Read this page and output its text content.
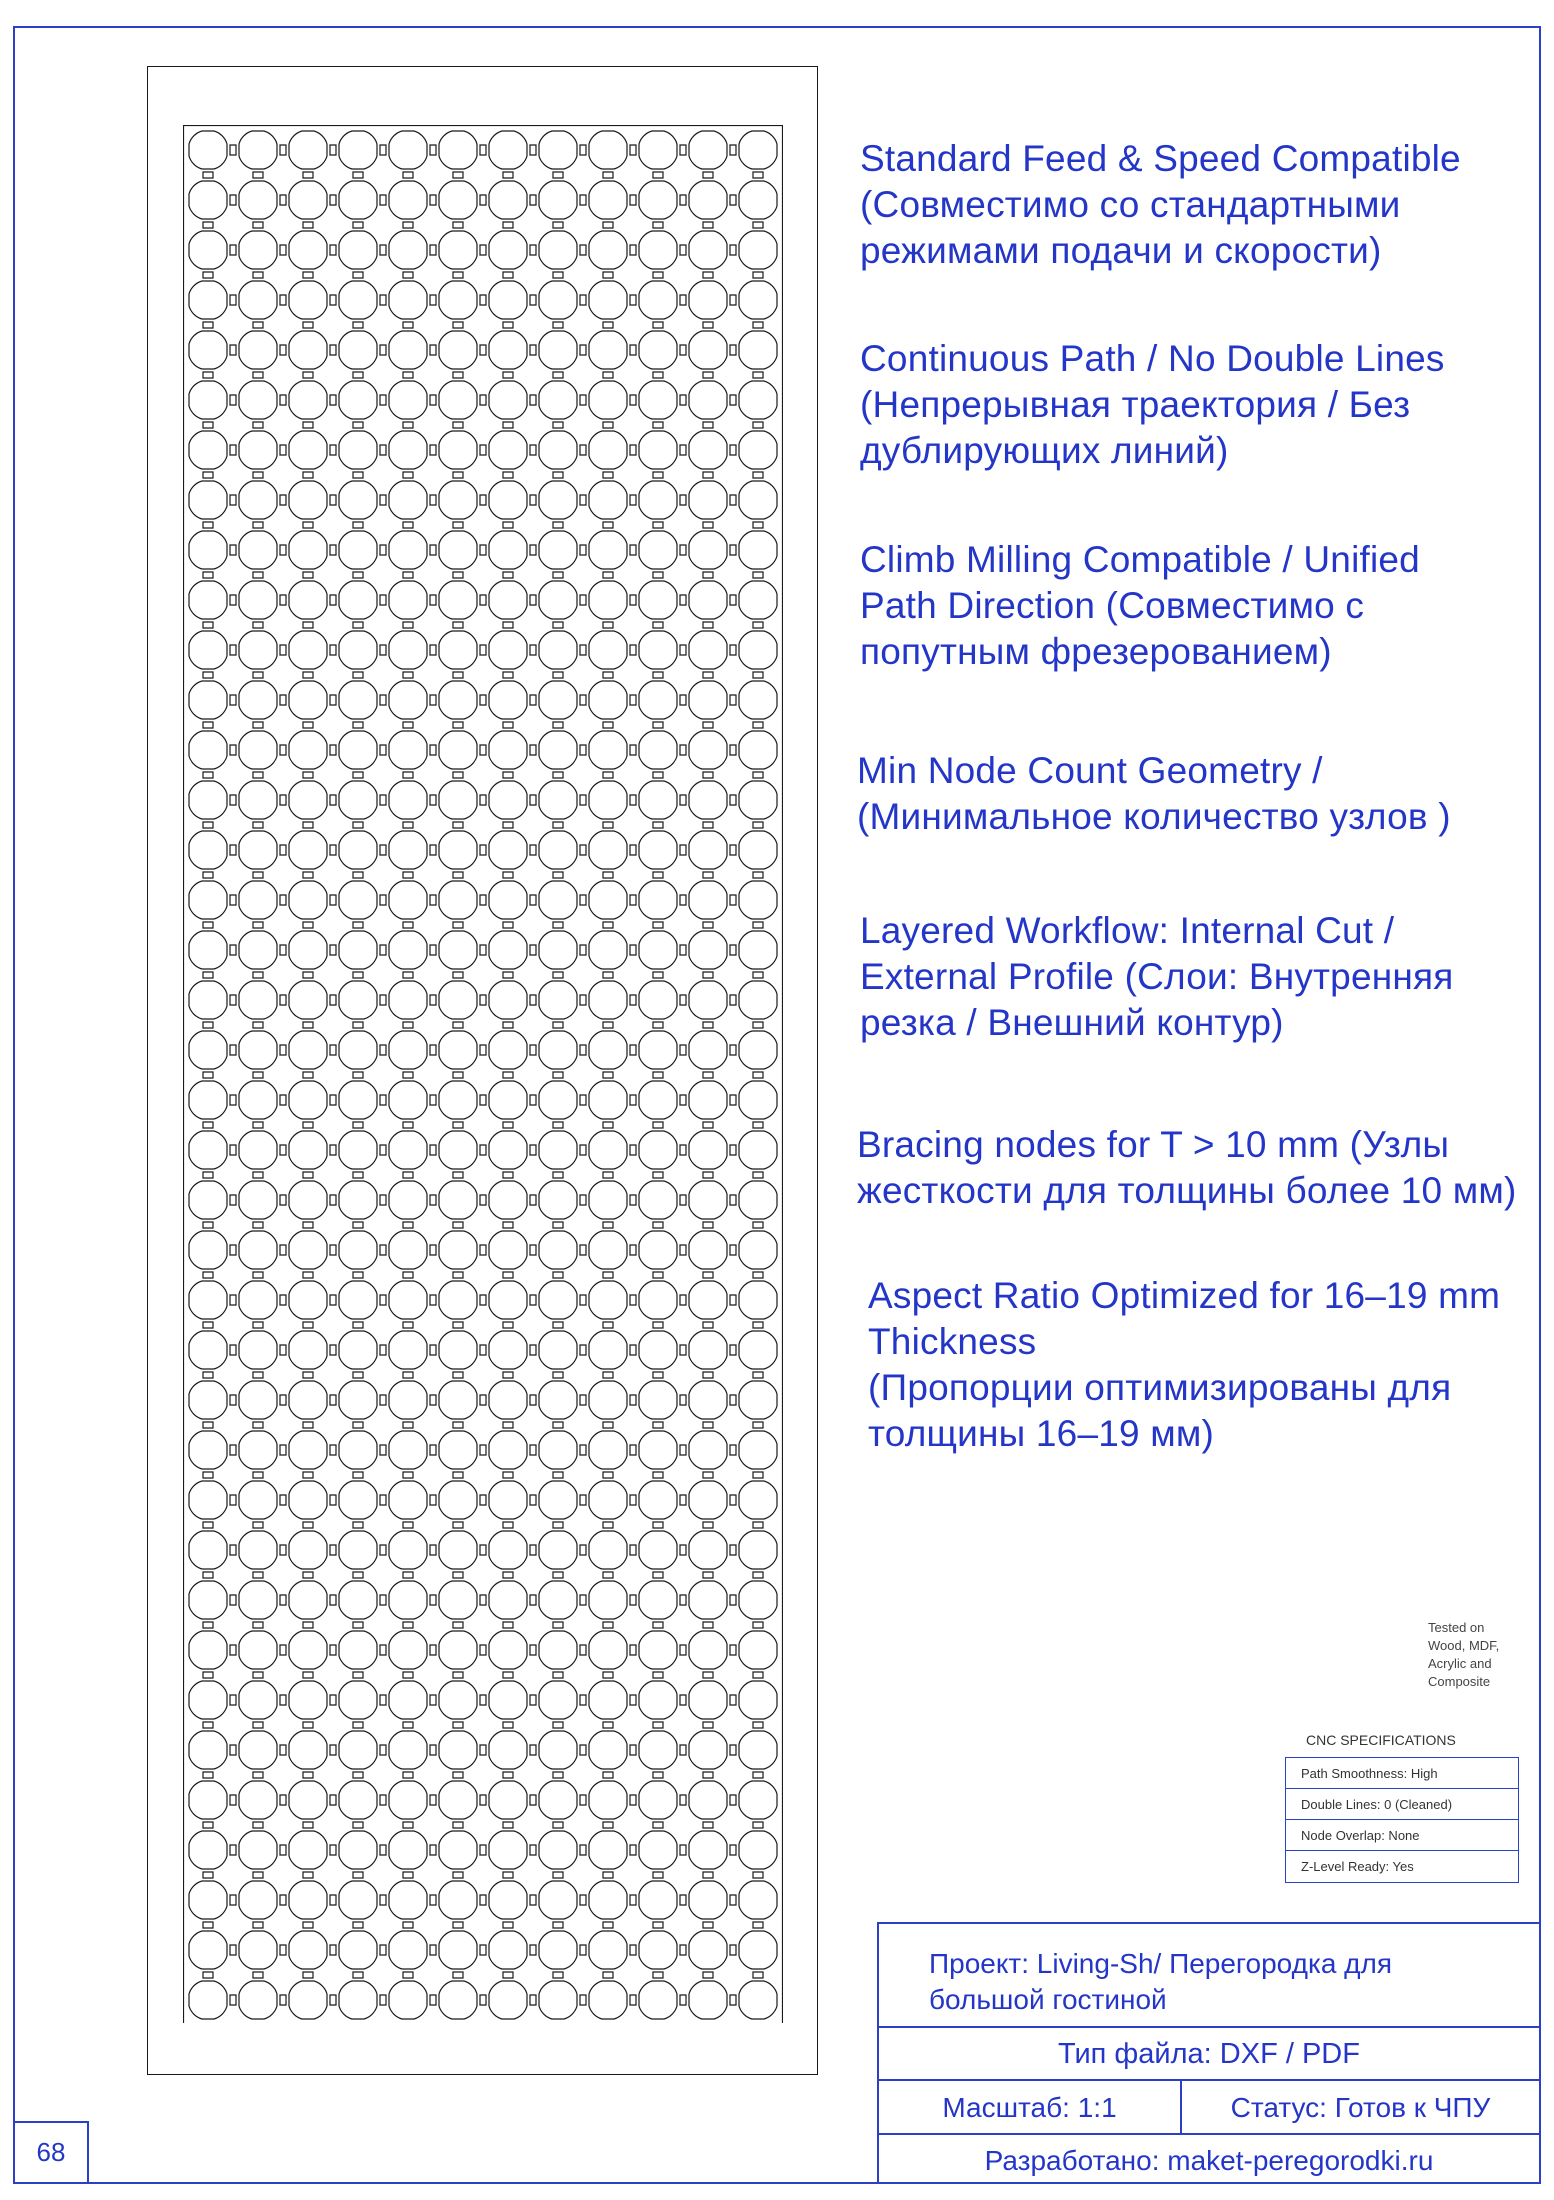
Standard Feed & Speed Compatible
(Совместимо со стандартными
режимами подачи и скорости)
Continuous Path / No Double Lines
(Непрерывная траектория / Без
дублирующих линий)
Climb Milling Compatible / Unified
Path Direction (Совместимо с
попутным фрезерованием)
Min Node Count Geometry /
(Минимальное количество узлов )
Layered Workflow: Internal Cut /
External Profile (Слои: Внутренняя
резка / Внешний контур)
Bracing nodes for T > 10 mm (Узлы
жесткости для толщины более 10 мм)
Aspect Ratio Optimized for 16–19 mm
Thickness
(Пропорции оптимизированы для
толщины 16–19 мм)
Tested on
Wood, MDF,
Acrylic and
Composite
CNC SPECIFICATIONS
Path Smoothness: High
Double Lines: 0 (Cleaned)
Node Overlap: None
Z-Level Ready: Yes
Проект: Living-Sh/ Перегородка для
большой гостиной
Тип файла: DXF / PDF
Масштаб: 1:1	Статус: Готов к ЧПУ
Разработано: maket-peregorodki.ru
68
